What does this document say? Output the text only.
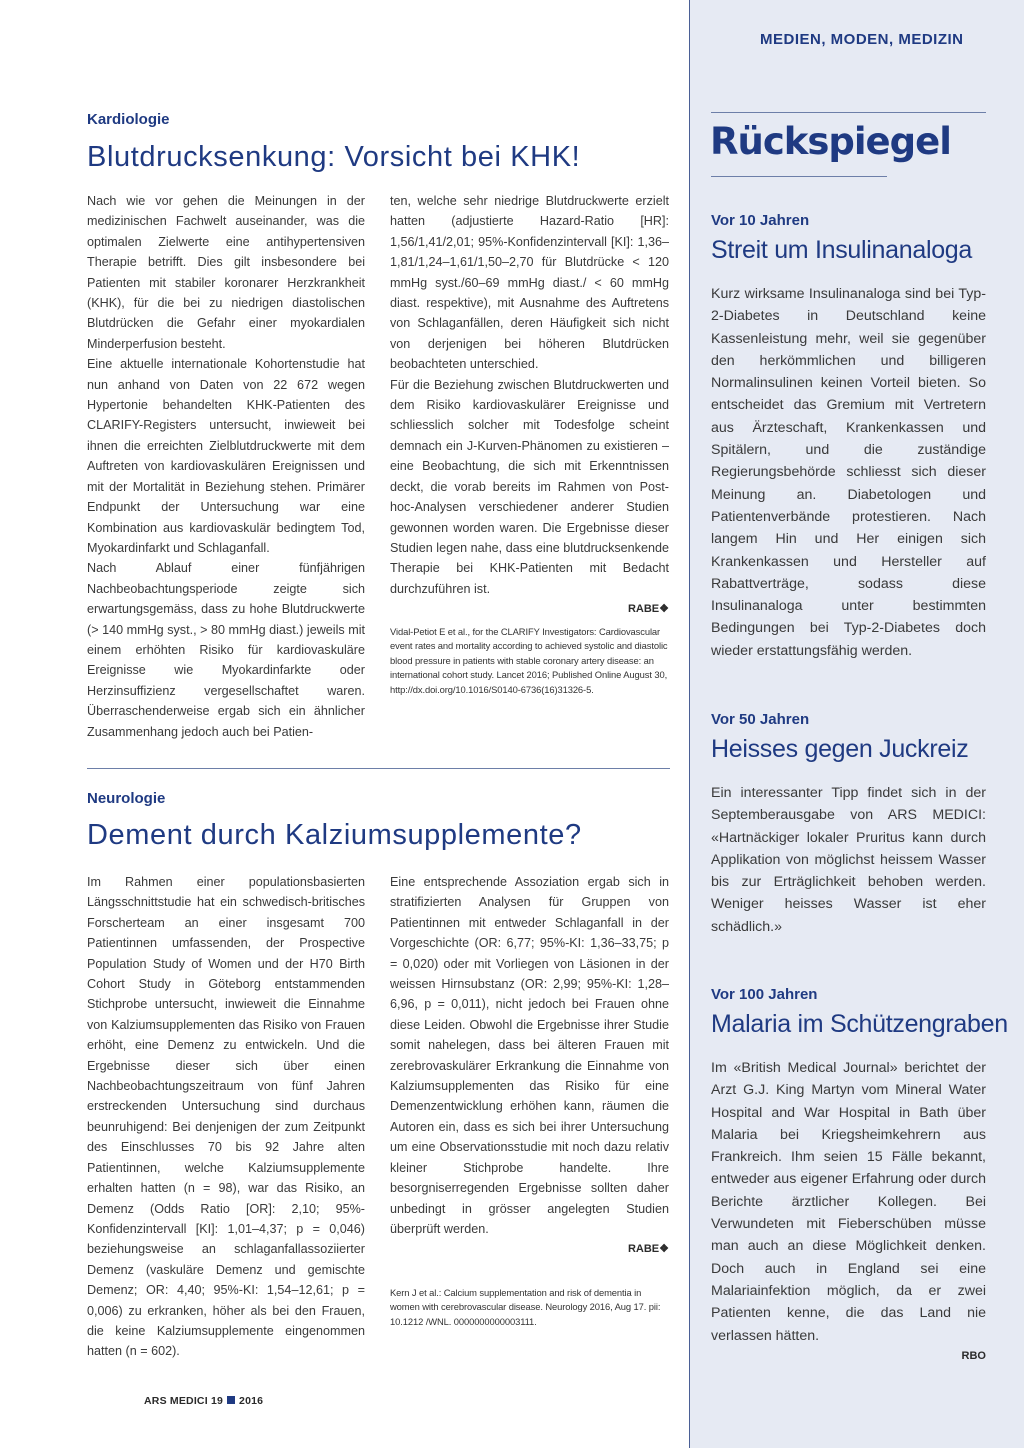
MEDIEN, MODEN, MEDIZIN
Kardiologie
Blutdrucksenkung: Vorsicht bei KHK!

Nach wie vor gehen die Meinungen in der medizinischen Fachwelt auseinander, was die optimalen Zielwerte eine antihypertensiven Therapie betrifft. Dies gilt insbesondere bei Patienten mit stabiler koronarer Herzkrankheit (KHK), für die bei zu niedrigen diastolischen Blutdrücken die Gefahr einer myokardialen Minderperfusion besteht.

Eine aktuelle internationale Kohortenstudie hat nun anhand von Daten von 22 672 wegen Hypertonie behandelten KHK-Patienten des CLARIFY-Registers untersucht, inwieweit bei ihnen die erreichten Zielblutdruckwerte mit dem Auftreten von kardiovaskulären Ereignissen und mit der Mortalität in Beziehung stehen. Primärer Endpunkt der Untersuchung war eine Kombination aus kardiovaskulär bedingtem Tod, Myokardinfarkt und Schlaganfall.

Nach Ablauf einer fünfjährigen Nachbeobachtungsperiode zeigte sich erwartungsgemäss, dass zu hohe Blutdruckwerte (> 140 mmHg syst., > 80 mmHg diast.) jeweils mit einem erhöhten Risiko für kardiovaskuläre Ereignisse wie Myokardinfarkte oder Herzinsuffizienz vergesellschaftet waren. Überraschenderweise ergab sich ein ähnlicher Zusammenhang jedoch auch bei Patien-

ten, welche sehr niedrige Blutdruckwerte erzielt hatten (adjustierte Hazard-Ratio [HR]: 1,56/1,41/2,01; 95%-Konfidenzintervall [KI]: 1,36–1,81/1,24–1,61/1,50–2,70 für Blutdrücke < 120 mmHg syst./60–69 mmHg diast./ < 60 mmHg diast. respektive), mit Ausnahme des Auftretens von Schlaganfällen, deren Häufigkeit sich nicht von derjenigen bei höheren Blutdrücken beobachteten unterschied.

Für die Beziehung zwischen Blutdruckwerten und dem Risiko kardiovaskulärer Ereignisse und schliesslich solcher mit Todesfolge scheint demnach ein J-Kurven-Phänomen zu existieren – eine Beobachtung, die sich mit Erkenntnissen deckt, die vorab bereits im Rahmen von Post-hoc-Analysen verschiedener anderer Studien gewonnen worden waren. Die Ergebnisse dieser Studien legen nahe, dass eine blutdrucksenkende Therapie bei KHK-Patienten mit Bedacht durchzuführen ist.

RABE❖
Vidal-Petiot E et al., for the CLARIFY Investigators: Cardiovascular event rates and mortality according to achieved systolic and diastolic blood pressure in patients with stable coronary artery disease: an international cohort study. Lancet 2016; Published Online August 30, http://dx.doi.org/10.1016/S0140-6736(16)31326-5.
Neurologie
Dement durch Kalziumsupplemente?

Im Rahmen einer populationsbasierten Längsschnittstudie hat ein schwedisch-britisches Forscherteam an einer insgesamt 700 Patientinnen umfassenden, der Prospective Population Study of Women und der H70 Birth Cohort Study in Göteborg entstammenden Stichprobe untersucht, inwieweit die Einnahme von Kalziumsupplementen das Risiko von Frauen erhöht, eine Demenz zu entwickeln. Und die Ergebnisse dieser sich über einen Nachbeobachtungszeitraum von fünf Jahren erstreckenden Untersuchung sind durchaus beunruhigend: Bei denjenigen der zum Zeitpunkt des Einschlusses 70 bis 92 Jahre alten Patientinnen, welche Kalziumsupplemente erhalten hatten (n = 98), war das Risiko, an Demenz (Odds Ratio [OR]: 2,10; 95%-Konfidenzintervall [KI]: 1,01–4,37; p = 0,046) beziehungsweise an schlaganfallassoziierter Demenz (vaskuläre Demenz und gemischte Demenz; OR: 4,40; 95%-KI: 1,54–12,61; p = 0,006) zu erkranken, höher als bei den Frauen, die keine Kalziumsupplemente eingenommen hatten (n = 602).

Eine entsprechende Assoziation ergab sich in stratifizierten Analysen für Gruppen von Patientinnen mit entweder Schlaganfall in der Vorgeschichte (OR: 6,77; 95%-KI: 1,36–33,75; p = 0,020) oder mit Vorliegen von Läsionen in der weissen Hirnsubstanz (OR: 2,99; 95%-KI: 1,28–6,96, p = 0,011), nicht jedoch bei Frauen ohne diese Leiden. Obwohl die Ergebnisse ihrer Studie somit nahelegen, dass bei älteren Frauen mit zerebrovaskulärer Erkrankung die Einnahme von Kalziumsupplementen das Risiko für eine Demenzentwicklung erhöhen kann, räumen die Autoren ein, dass es sich bei ihrer Untersuchung um eine Observationsstudie mit noch dazu relativ kleiner Stichprobe handelte. Ihre besorgniserregenden Ergebnisse sollten daher unbedingt in grösser angelegten Studien überprüft werden.

RABE❖
Kern J et al.: Calcium supplementation and risk of dementia in women with cerebrovascular disease. Neurology 2016, Aug 17. pii: 10.1212 /WNL. 0000000000003111.
Rückspiegel
Vor 10 Jahren
Streit um Insulinanaloga
Kurz wirksame Insulinanaloga sind bei Typ-2-Diabetes in Deutschland keine Kassenleistung mehr, weil sie gegenüber den herkömmlichen und billigeren Normalinsulinen keinen Vorteil bieten. So entscheidet das Gremium mit Vertretern aus Ärzteschaft, Krankenkassen und Spitälern, und die zuständige Regierungsbehörde schliesst sich dieser Meinung an. Diabetologen und Patientenverbände protestieren. Nach langem Hin und Her einigen sich Krankenkassen und Hersteller auf Rabattverträge, sodass diese Insulinanaloga unter bestimmten Bedingungen bei Typ-2-Diabetes doch wieder erstattungsfähig werden.
Vor 50 Jahren
Heisses gegen Juckreiz
Ein interessanter Tipp findet sich in der Septemberausgabe von ARS MEDICI: «Hartnäckiger lokaler Pruritus kann durch Applikation von möglichst heissem Wasser bis zur Erträglichkeit behoben werden. Weniger heisses Wasser ist eher schädlich.»
Vor 100 Jahren
Malaria im Schützengraben
Im «British Medical Journal» berichtet der Arzt G.J. King Martyn vom Mineral Water Hospital and War Hospital in Bath über Malaria bei Kriegsheimkehrern aus Frankreich. Ihm seien 15 Fälle bekannt, entweder aus eigener Erfahrung oder durch Berichte ärztlicher Kollegen. Bei Verwundeten mit Fieberschüben müsse man auch an diese Möglichkeit denken. Doch auch in England sei eine Malariainfektion möglich, da er zwei Patienten kenne, die das Land nie verlassen hätten.
RBO
ARS MEDICI 19 2016
